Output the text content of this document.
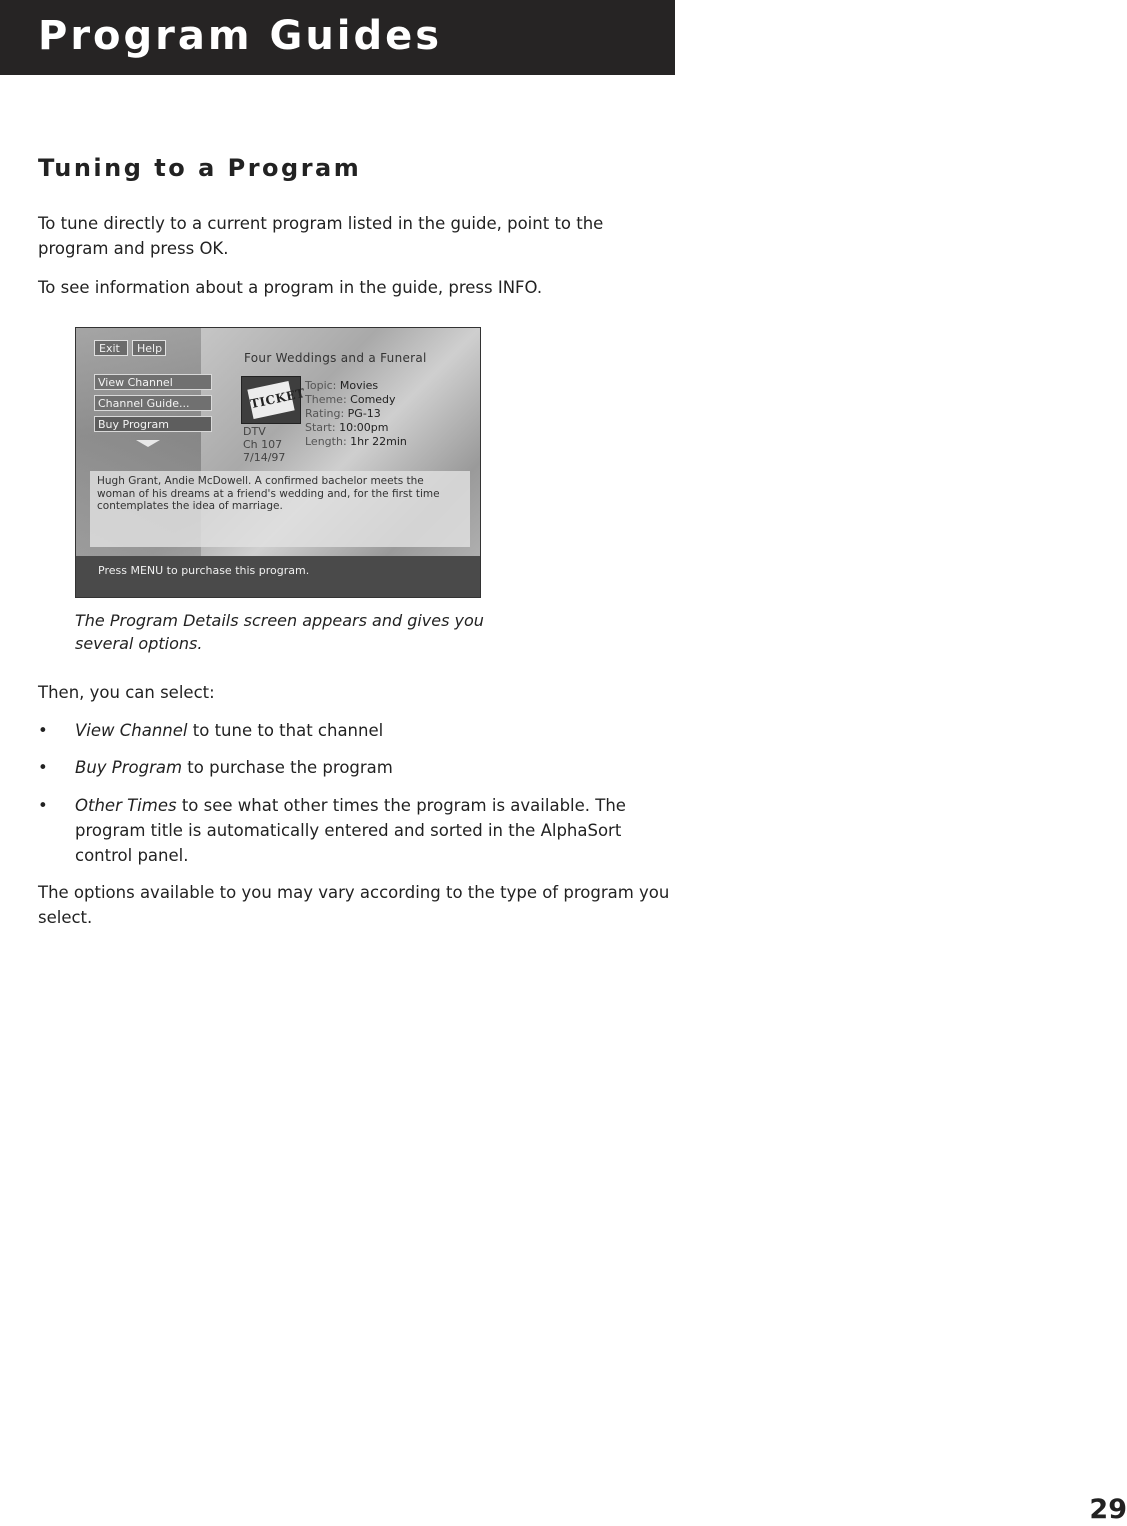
Program Guides
Tuning to a Program

To tune directly to a current program listed in the guide, point to the program and press OK.

To see information about a program in the guide, press INFO.

Exit	Help
View Channel
Channel Guide...
Buy Program
Four Weddings and a Funeral
TICKET
Topic: Movies
Theme: Comedy
Rating: PG-13
Start: 10:00pm
Length: 1hr 22min
DTV
Ch 107
7/14/97
Hugh Grant, Andie McDowell. A confirmed bachelor meets the woman of his dreams at a friend's wedding and, for the first time contemplates the idea of marriage.
Press MENU to purchase this program.
The Program Details screen appears and gives you several options.

Then, you can select:

• View Channel to tune to that channel
• Buy Program to purchase the program
• Other Times to see what other times the program is available. The program title is automatically entered and sorted in the AlphaSort control panel.

The options available to you may vary according to the type of program you select.

29
